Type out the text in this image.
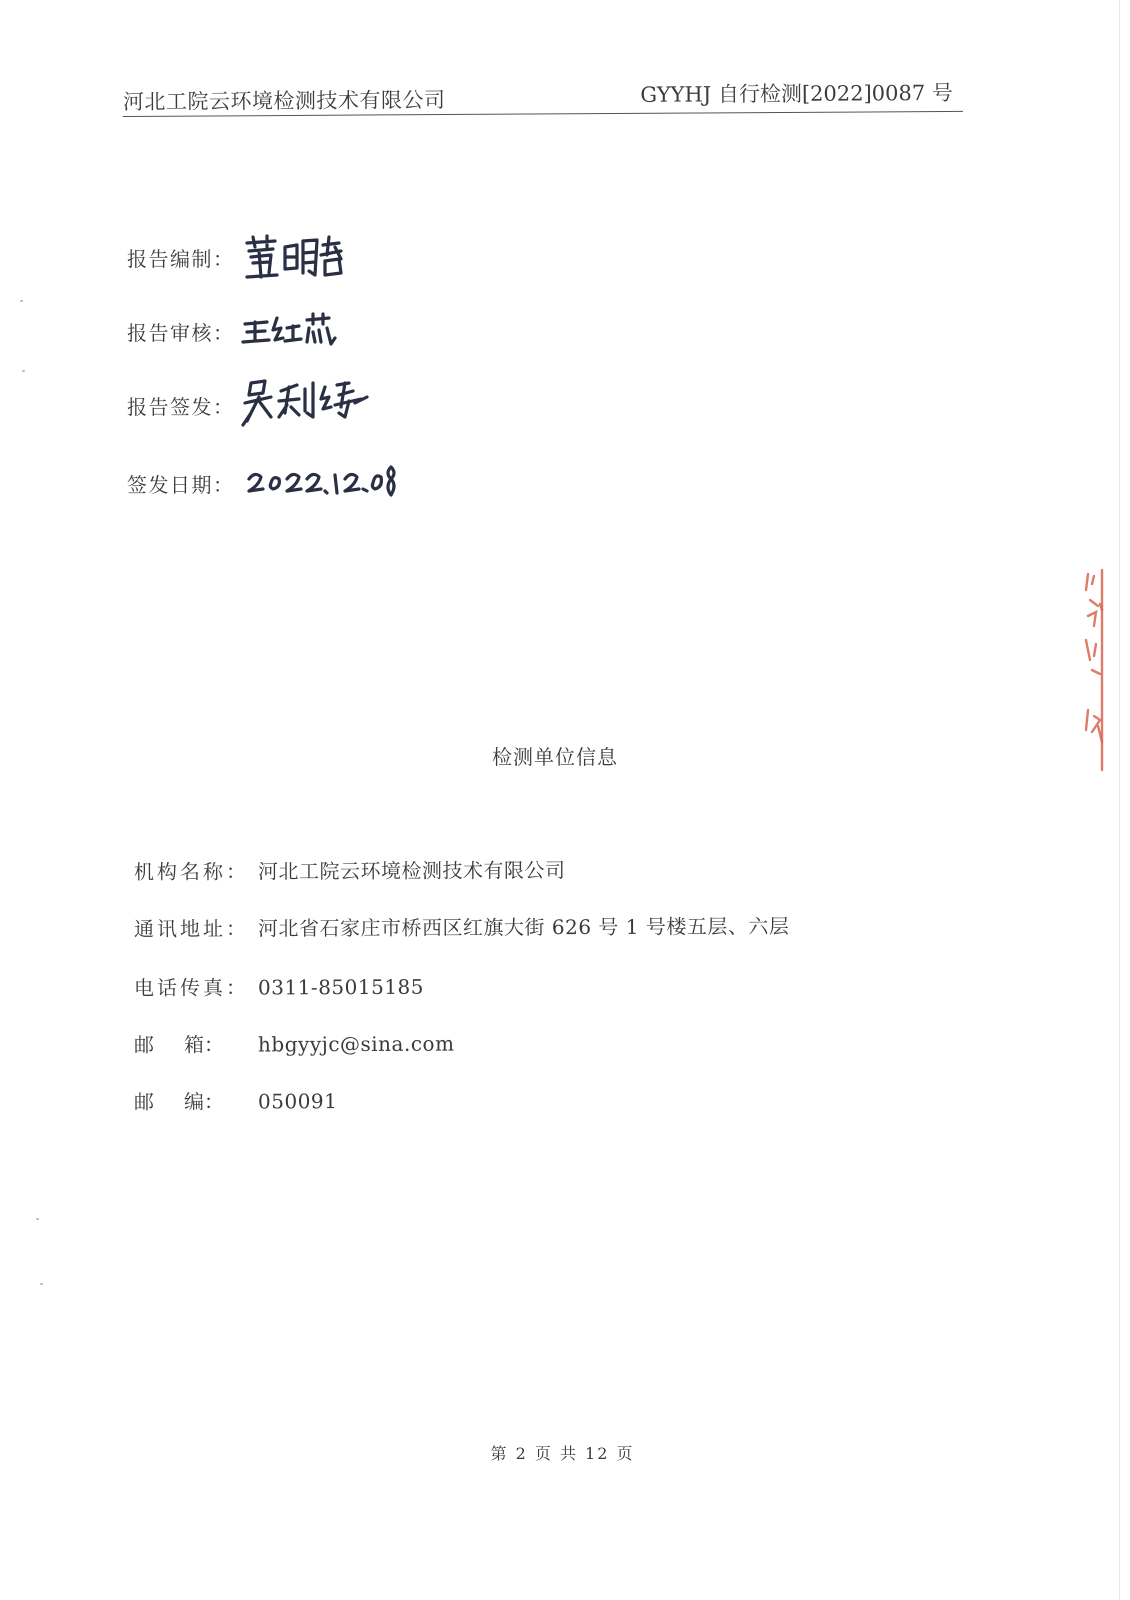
河北工院云环境检测技术有限公司	GYYHJ 自行检测[2022]0087 号
报告编制：
报告审核：
报告签发：
签发日期：
检测单位信息
机构名称： 河北工院云环境检测技术有限公司
通讯地址： 河北省石家庄市桥西区红旗大街 626 号 1 号楼五层、六层
电话传真： 0311-85015185
邮 箱： hbgyyjc@sina.com
邮 编： 050091
第 2 页 共 12 页
